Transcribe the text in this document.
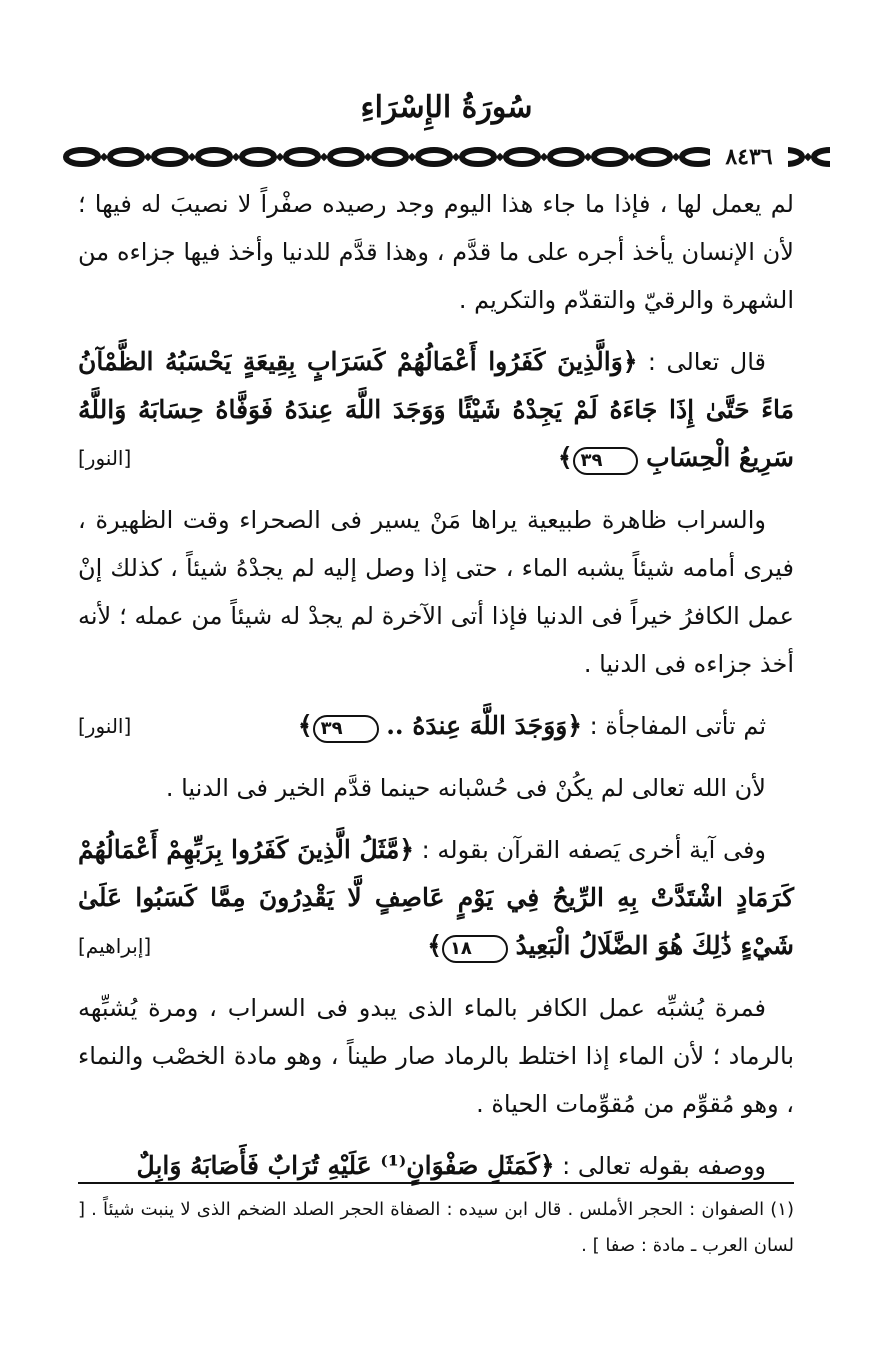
سُورَةُ الإِسْرَاءِ
٨٤٣٦

لم يعمل لها ، فإذا ما جاء هذا اليوم وجد رصيده صفْراً لا نصيبَ له فيها ؛ لأن الإنسان يأخذ أجره على ما قدَّم ، وهذا قدَّم للدنيا وأخذ فيها جزاءه من الشهرة والرقيّ والتقدّم والتكريم .

قال تعالى : ﴿وَالَّذِينَ كَفَرُوا أَعْمَالُهُمْ كَسَرَابٍ بِقِيعَةٍ يَحْسَبُهُ الظَّمْآنُ مَاءً حَتَّىٰ إِذَا جَاءَهُ لَمْ يَجِدْهُ شَيْئًا وَوَجَدَ اللَّهَ عِندَهُ فَوَفَّاهُ حِسَابَهُ وَاللَّهُ سَرِيعُ الْحِسَابِ ٣٩﴾
[النور]

والسراب ظاهرة طبيعية يراها مَنْ يسير فى الصحراء وقت الظهيرة ، فيرى أمامه شيئاً يشبه الماء ، حتى إذا وصل إليه لم يجدْهُ شيئاً ، كذلك إنْ عمل الكافرُ خيراً فى الدنيا فإذا أتى الآخرة لم يجدْ له شيئاً من عمله ؛ لأنه أخذ جزاءه فى الدنيا .

ثم تأتى المفاجأة : ﴿وَوَجَدَ اللَّهَ عِندَهُ .. ٣٩﴾
[النور]

لأن الله تعالى لم يكُنْ فى حُسْبانه حينما قدَّم الخير فى الدنيا .

وفى آية أخرى يَصفه القرآن بقوله : ﴿مَّثَلُ الَّذِينَ كَفَرُوا بِرَبِّهِمْ أَعْمَالُهُمْ كَرَمَادٍ اشْتَدَّتْ بِهِ الرِّيحُ فِي يَوْمٍ عَاصِفٍ لَّا يَقْدِرُونَ مِمَّا كَسَبُوا عَلَىٰ شَيْءٍ ذَٰلِكَ هُوَ الضَّلَالُ الْبَعِيدُ ١٨﴾
[إبراهيم]

فمرة يُشبِّه عمل الكافر بالماء الذى يبدو فى السراب ، ومرة يُشبِّهه بالرماد ؛ لأن الماء إذا اختلط بالرماد صار طيناً ، وهو مادة الخصْب والنماء ، وهو مُقوِّم من مُقوِّمات الحياة .

ووصفه بقوله تعالى : ﴿كَمَثَلِ صَفْوَانٍ⁽¹⁾ عَلَيْهِ تُرَابٌ فَأَصَابَهُ وَابِلٌ

(١) الصفوان : الحجر الأملس . قال ابن سيده : الصفاة الحجر الصلد الضخم الذى لا ينبت شيئاً . [ لسان العرب ـ مادة : صفا ] .
